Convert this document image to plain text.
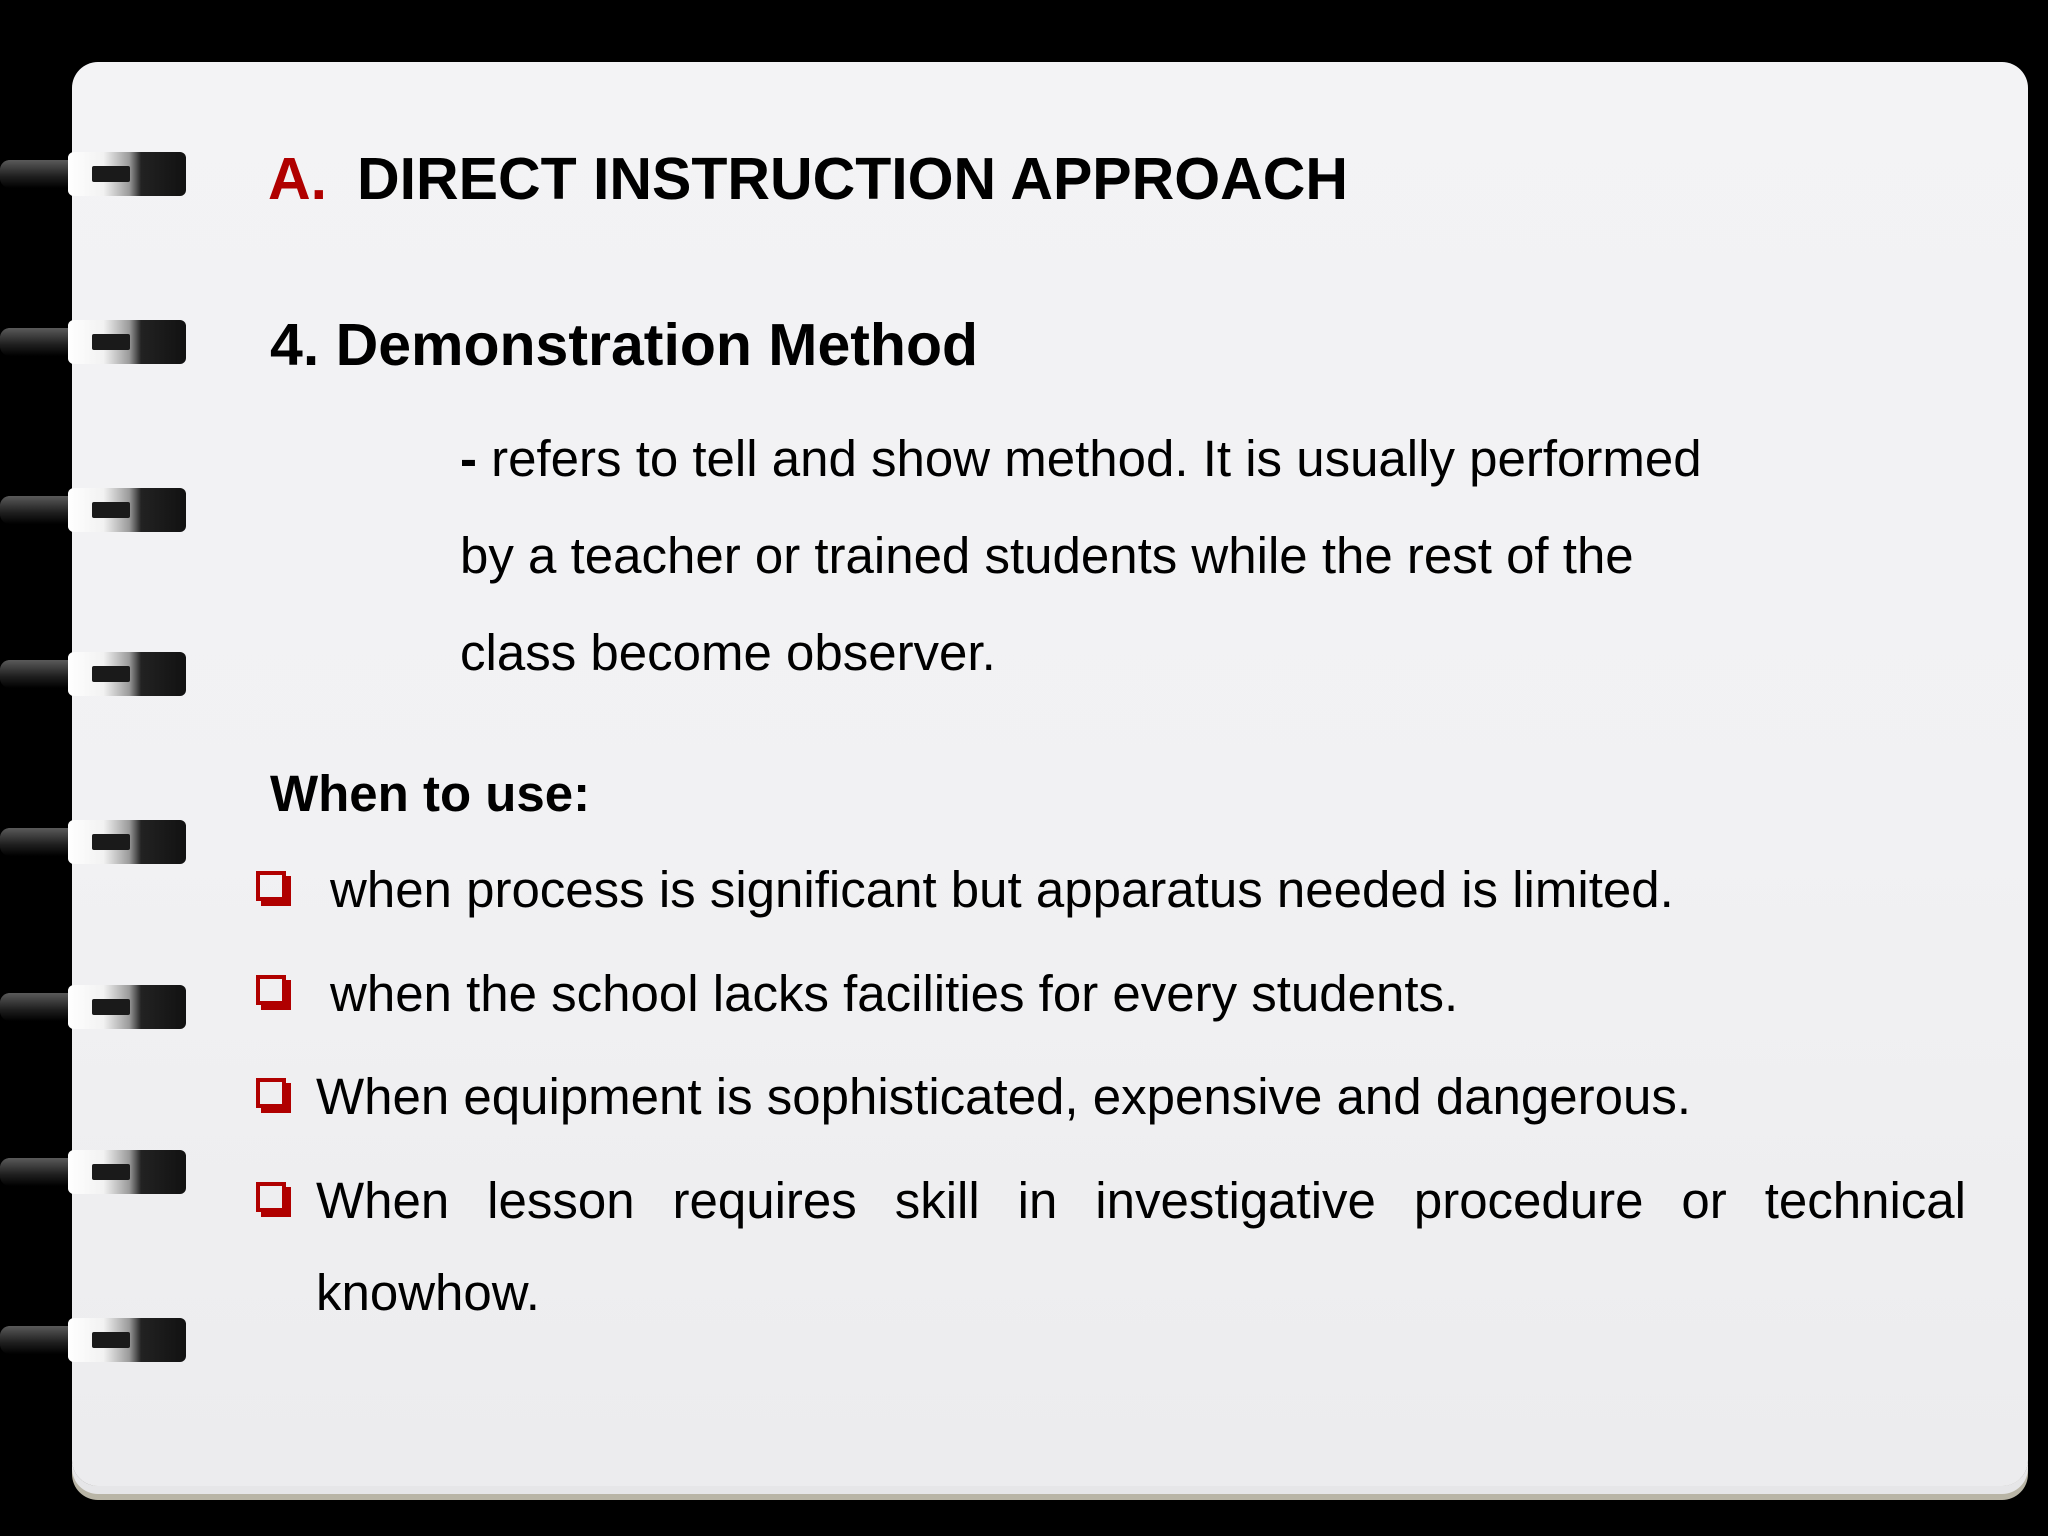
A. DIRECT INSTRUCTION APPROACH
4. Demonstration Method
- refers to tell and show method. It is usually performed
by a teacher or trained students while the rest of the
class become observer.
When to use:
when process is significant but apparatus needed is limited.
when the school lacks facilities for every students.
When equipment is sophisticated, expensive and dangerous.
When lesson requires skill in investigative procedure or technical knowhow.
